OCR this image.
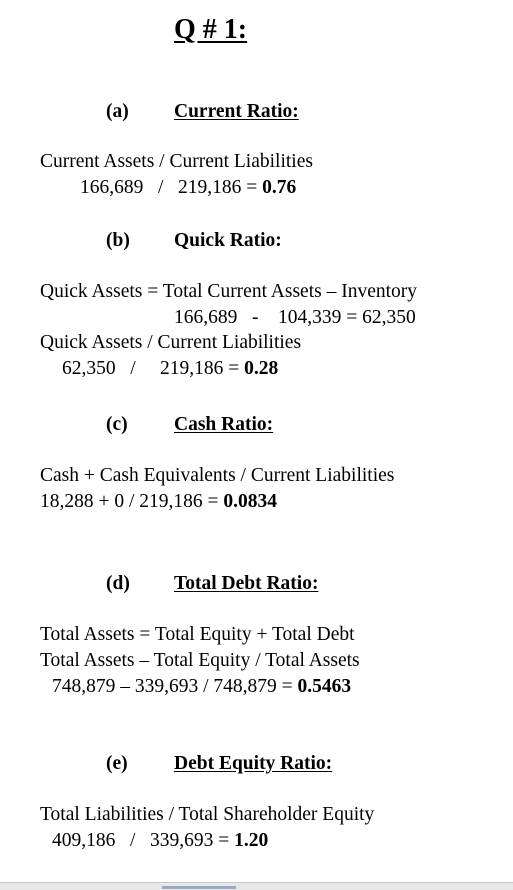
Q # 1:
(a) Current Ratio:
Current Assets / Current Liabilities
166,689   /   219,186 = 0.76
(b) Quick Ratio:
Quick Assets = Total Current Assets – Inventory
166,689   -    104,339 = 62,350
Quick Assets / Current Liabilities
62,350   /     219,186 = 0.28
(c) Cash Ratio:
Cash + Cash Equivalents / Current Liabilities
18,288 + 0 / 219,186 = 0.0834
(d) Total Debt Ratio:
Total Assets = Total Equity + Total Debt
Total Assets – Total Equity / Total Assets
748,879 – 339,693 / 748,879 = 0.5463
(e) Debt Equity Ratio:
Total Liabilities / Total Shareholder Equity
409,186   /   339,693 = 1.20
